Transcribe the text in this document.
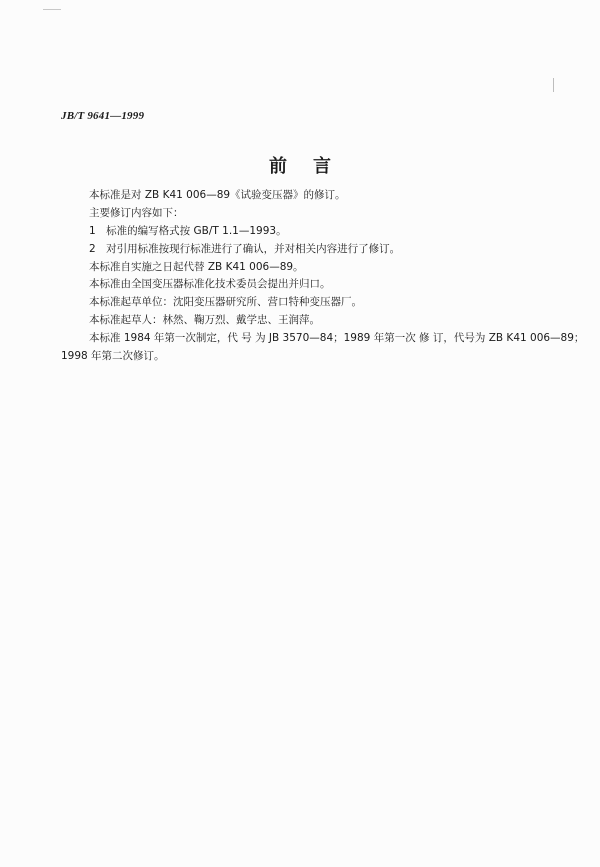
JB/T 9641—1999
前言
本标准是对 ZB K41 006—89《试验变压器》的修订。
主要修订内容如下：
1　标准的编写格式按 GB/T 1.1—1993。
2　对引用标准按现行标准进行了确认，并对相关内容进行了修订。
本标准自实施之日起代替 ZB K41 006—89。
本标准由全国变压器标准化技术委员会提出并归口。
本标准起草单位：沈阳变压器研究所、营口特种变压器厂。
本标准起草人：林然、鞠万烈、戴学忠、王润萍。
本标准 1984 年第一次制定，代 号 为 JB 3570—84；1989 年第一次 修 订，代号为 ZB K41 006—89；
1998 年第二次修订。
